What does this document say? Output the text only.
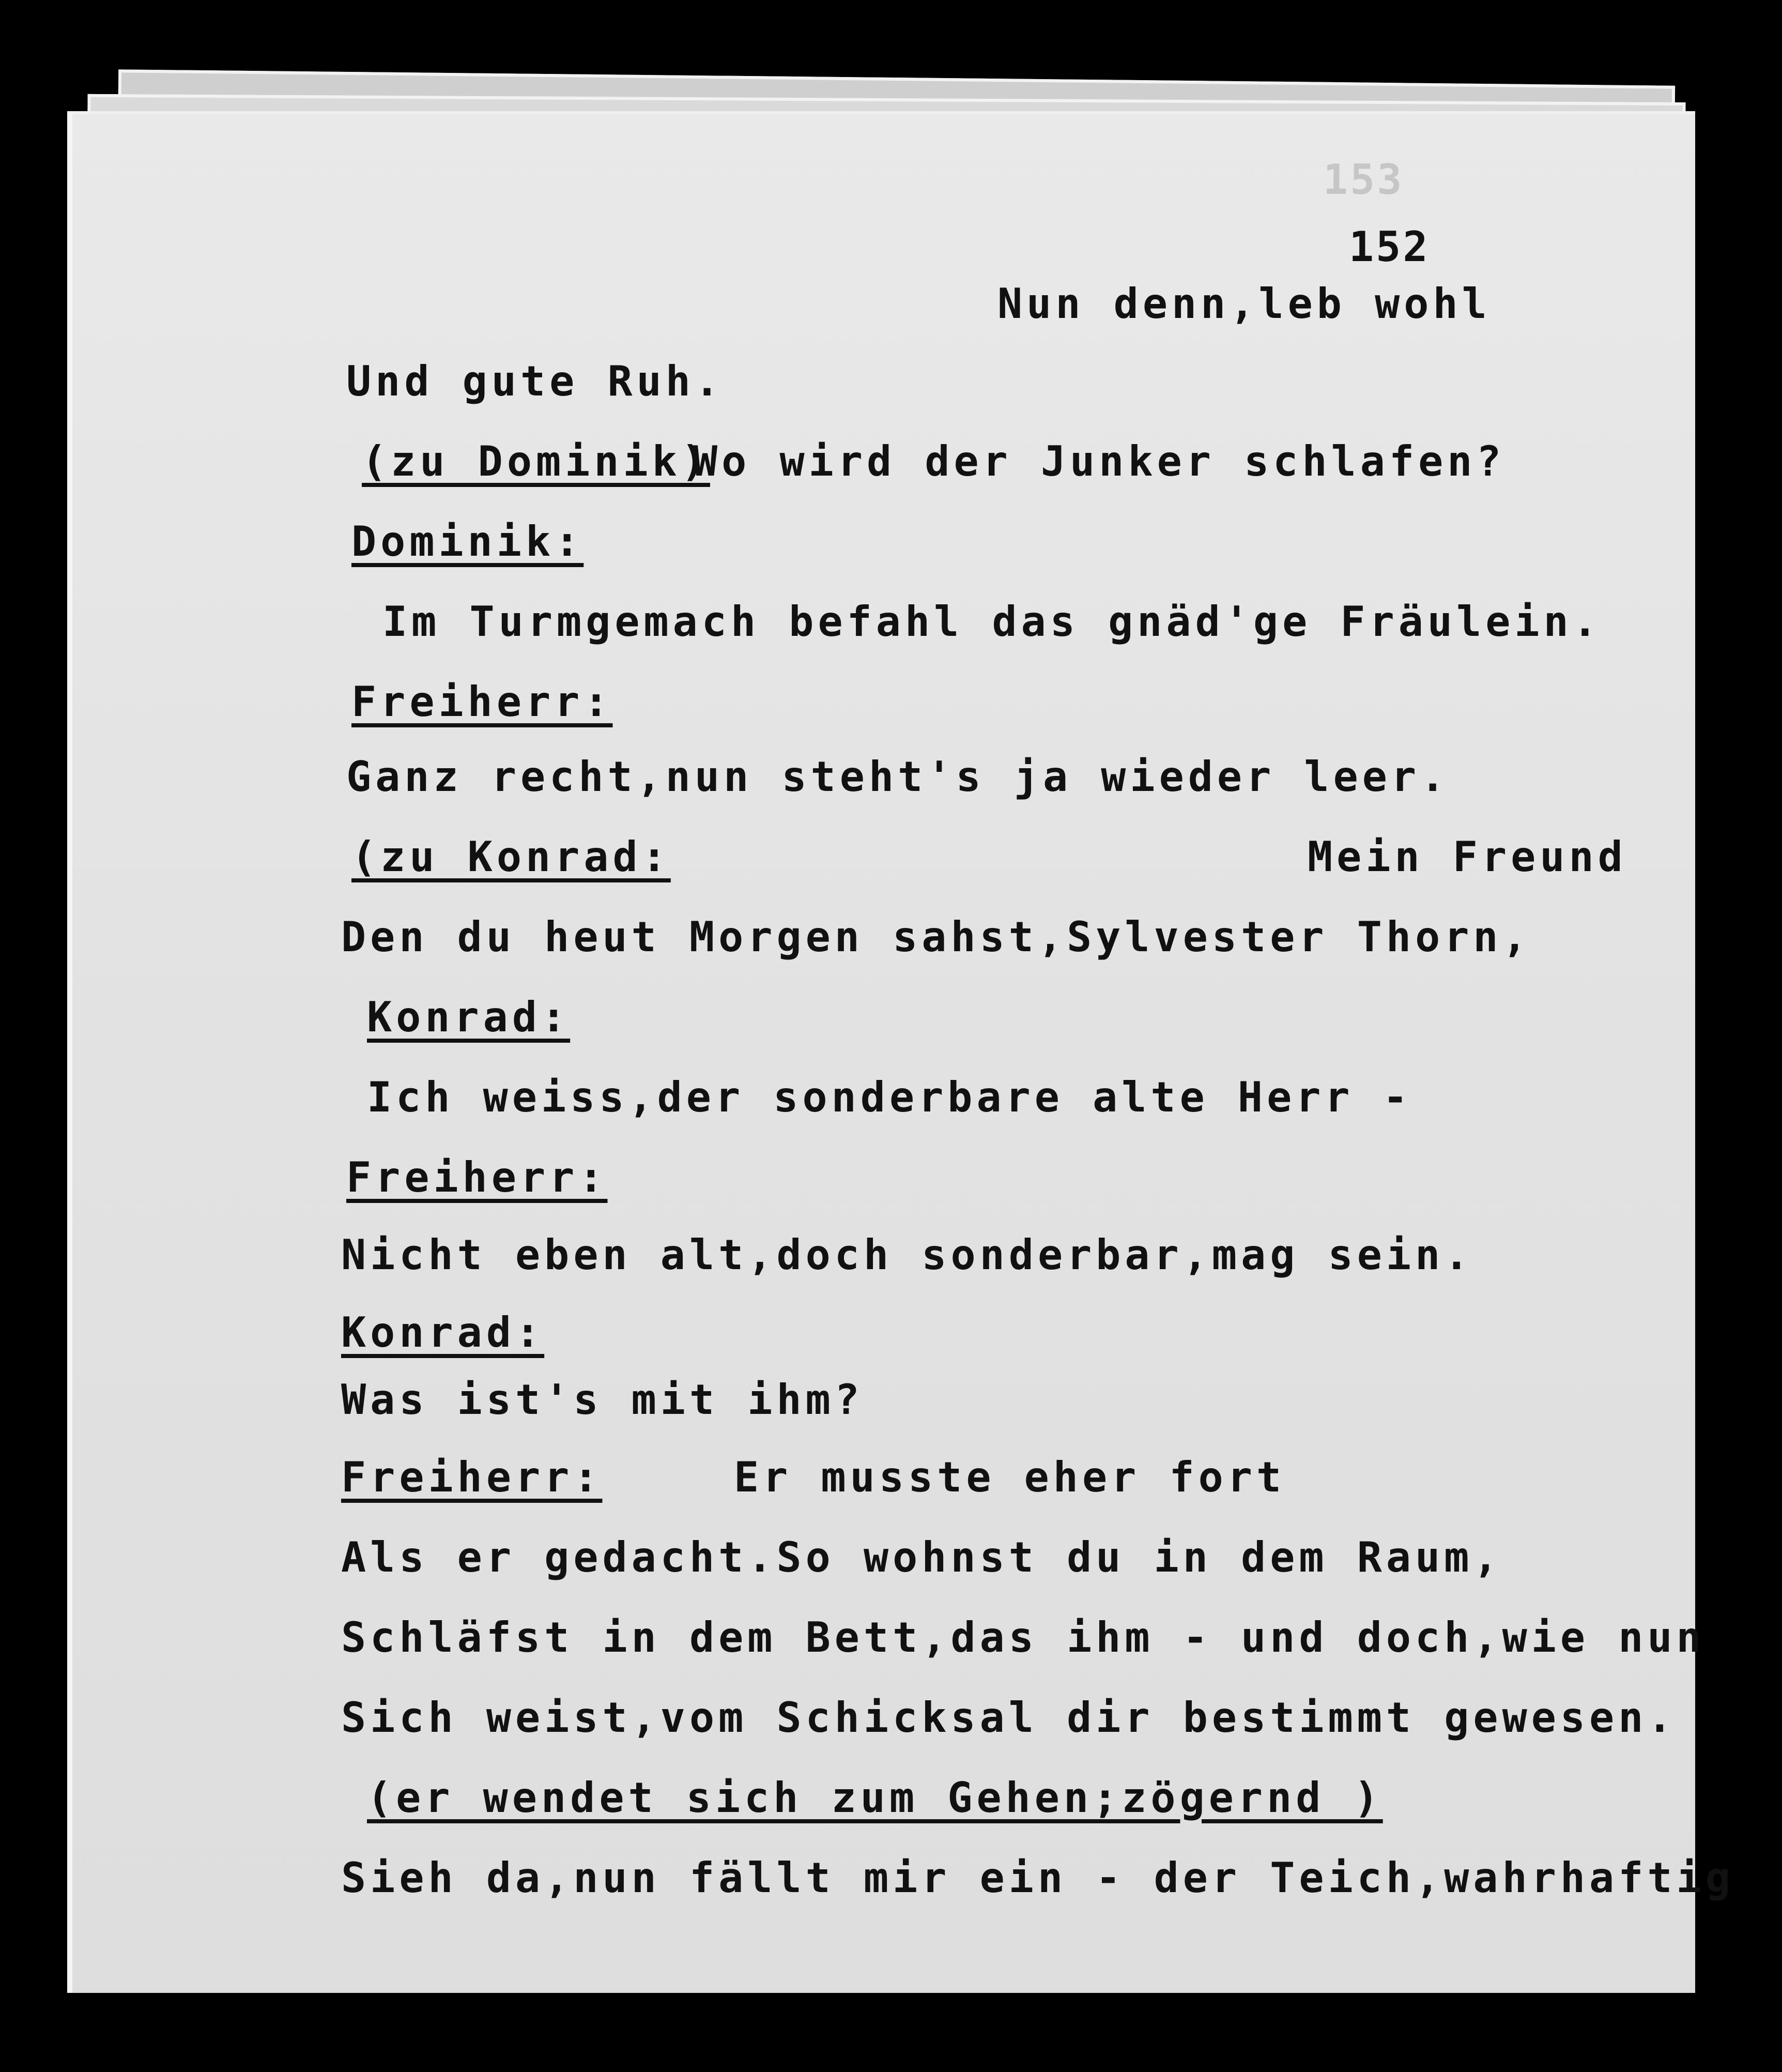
153
152
Nun denn,leb wohl
Und gute Ruh.
(zu Dominik)
Wo wird der Junker schlafen?
Dominik:
Im Turmgemach befahl das gnäd'ge Fräulein.
Freiherr:
Ganz recht,nun steht's ja wieder leer.
(zu Konrad:	Mein Freund
Den du heut Morgen sahst,Sylvester Thorn,
Konrad:
Ich weiss,der sonderbare alte Herr -
Freiherr:
Nicht eben alt,doch sonderbar,mag sein.
Konrad:
Was ist's mit ihm?
Freiherr:	Er musste eher fort
Als er gedacht.So wohnst du in dem Raum,
Schläfst in dem Bett,das ihm - und doch,wie nun
Sich weist,vom Schicksal dir bestimmt gewesen.
(er wendet sich zum Gehen;zögernd )
Sieh da,nun fällt mir ein - der Teich,wahrhaftig
